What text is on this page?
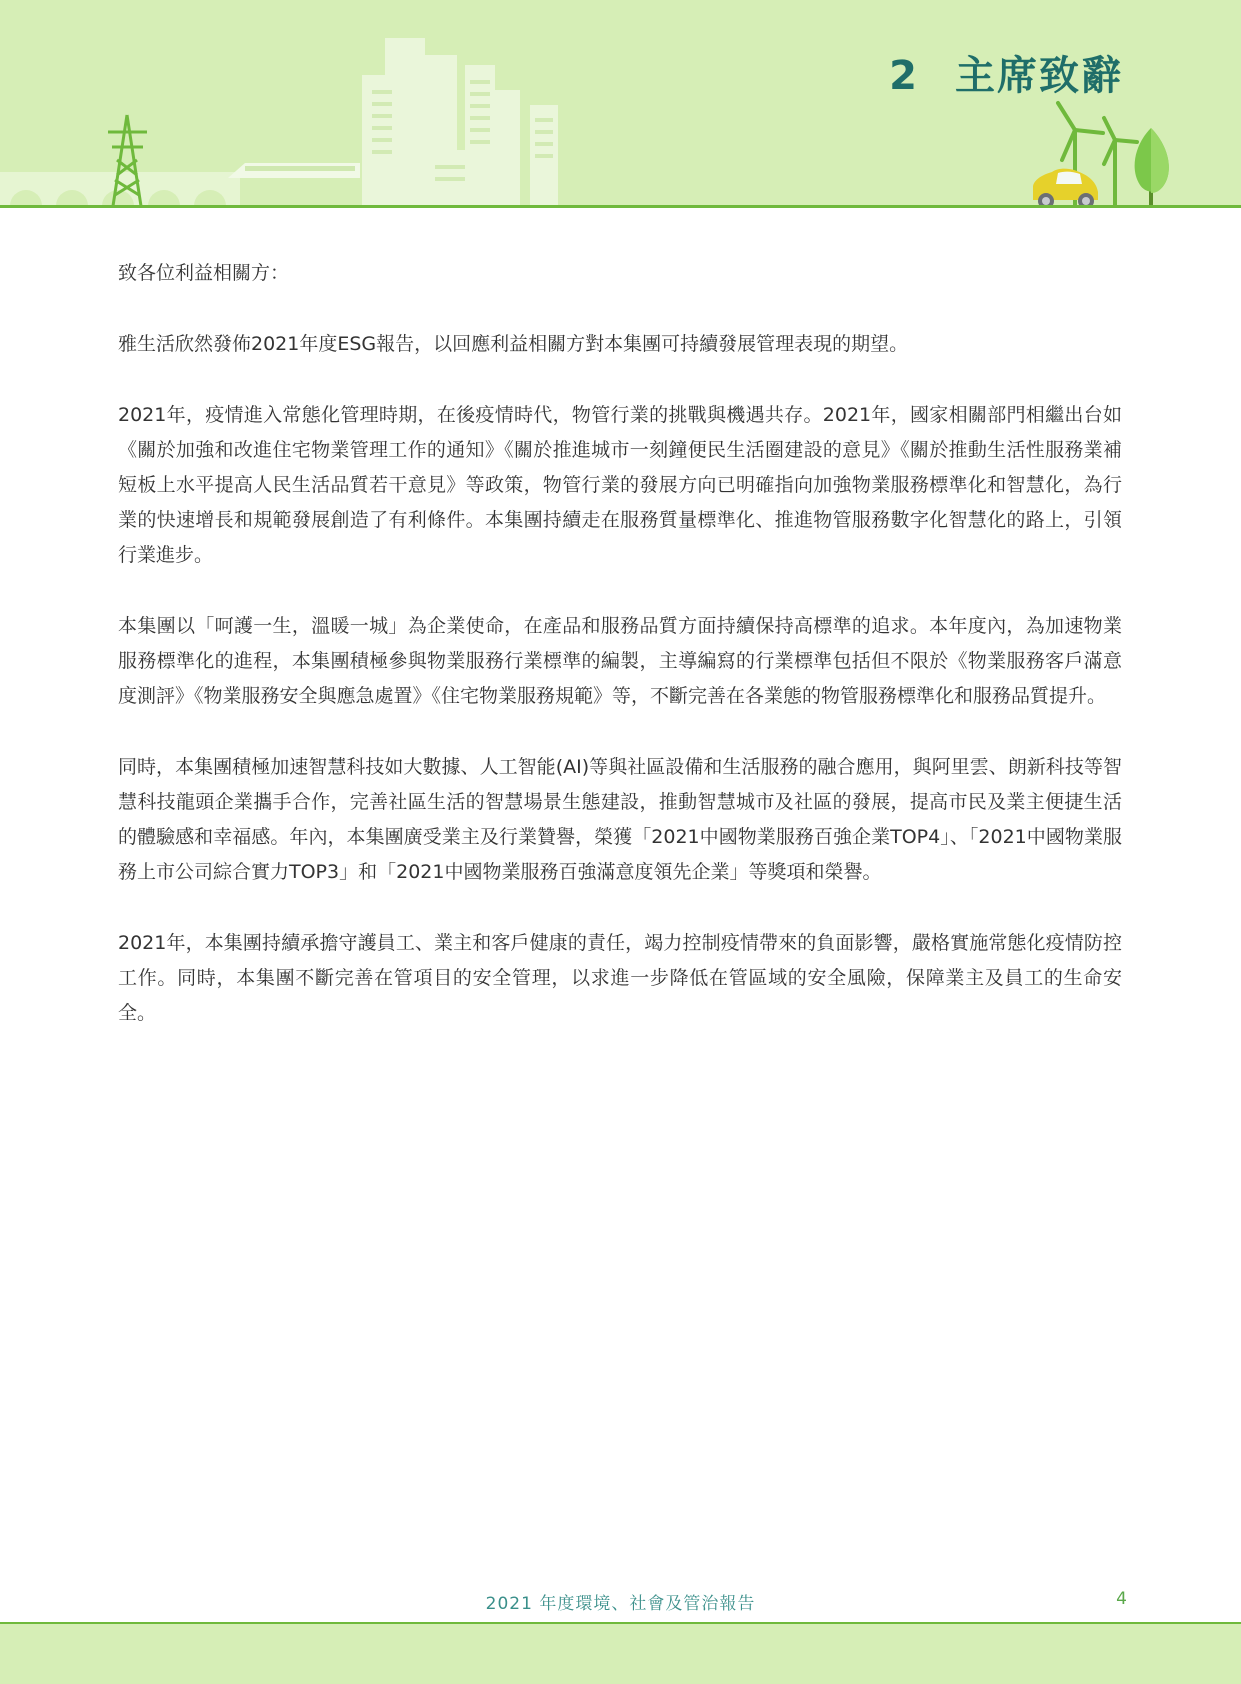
2 主席致辭

致各位利益相關方：

雅生活欣然發佈2021年度ESG報告，以回應利益相關方對本集團可持續發展管理表現的期望。

2021年，疫情進入常態化管理時期，在後疫情時代，物管行業的挑戰與機遇共存。2021年，國家相關部門相繼出台如《關於加強和改進住宅物業管理工作的通知》《關於推進城市一刻鐘便民生活圈建設的意見》《關於推動生活性服務業補短板上水平提高人民生活品質若干意見》等政策，物管行業的發展方向已明確指向加強物業服務標準化和智慧化，為行業的快速增長和規範發展創造了有利條件。本集團持續走在服務質量標準化、推進物管服務數字化智慧化的路上，引領行業進步。

本集團以「呵護一生，溫暖一城」為企業使命，在產品和服務品質方面持續保持高標準的追求。本年度內，為加速物業服務標準化的進程，本集團積極參與物業服務行業標準的編製，主導編寫的行業標準包括但不限於《物業服務客戶滿意度測評》《物業服務安全與應急處置》《住宅物業服務規範》等，不斷完善在各業態的物管服務標準化和服務品質提升。

同時，本集團積極加速智慧科技如大數據、人工智能(AI)等與社區設備和生活服務的融合應用，與阿里雲、朗新科技等智慧科技龍頭企業攜手合作，完善社區生活的智慧場景生態建設，推動智慧城市及社區的發展，提高市民及業主便捷生活的體驗感和幸福感。年內，本集團廣受業主及行業贊譽，榮獲「2021中國物業服務百強企業TOP4」、「2021中國物業服務上市公司綜合實力TOP3」和「2021中國物業服務百強滿意度領先企業」等獎項和榮譽。

2021年，本集團持續承擔守護員工、業主和客戶健康的責任，竭力控制疫情帶來的負面影響，嚴格實施常態化疫情防控工作。同時，本集團不斷完善在管項目的安全管理，以求進一步降低在管區域的安全風險，保障業主及員工的生命安全。

2021 年度環境、社會及管治報告	4
